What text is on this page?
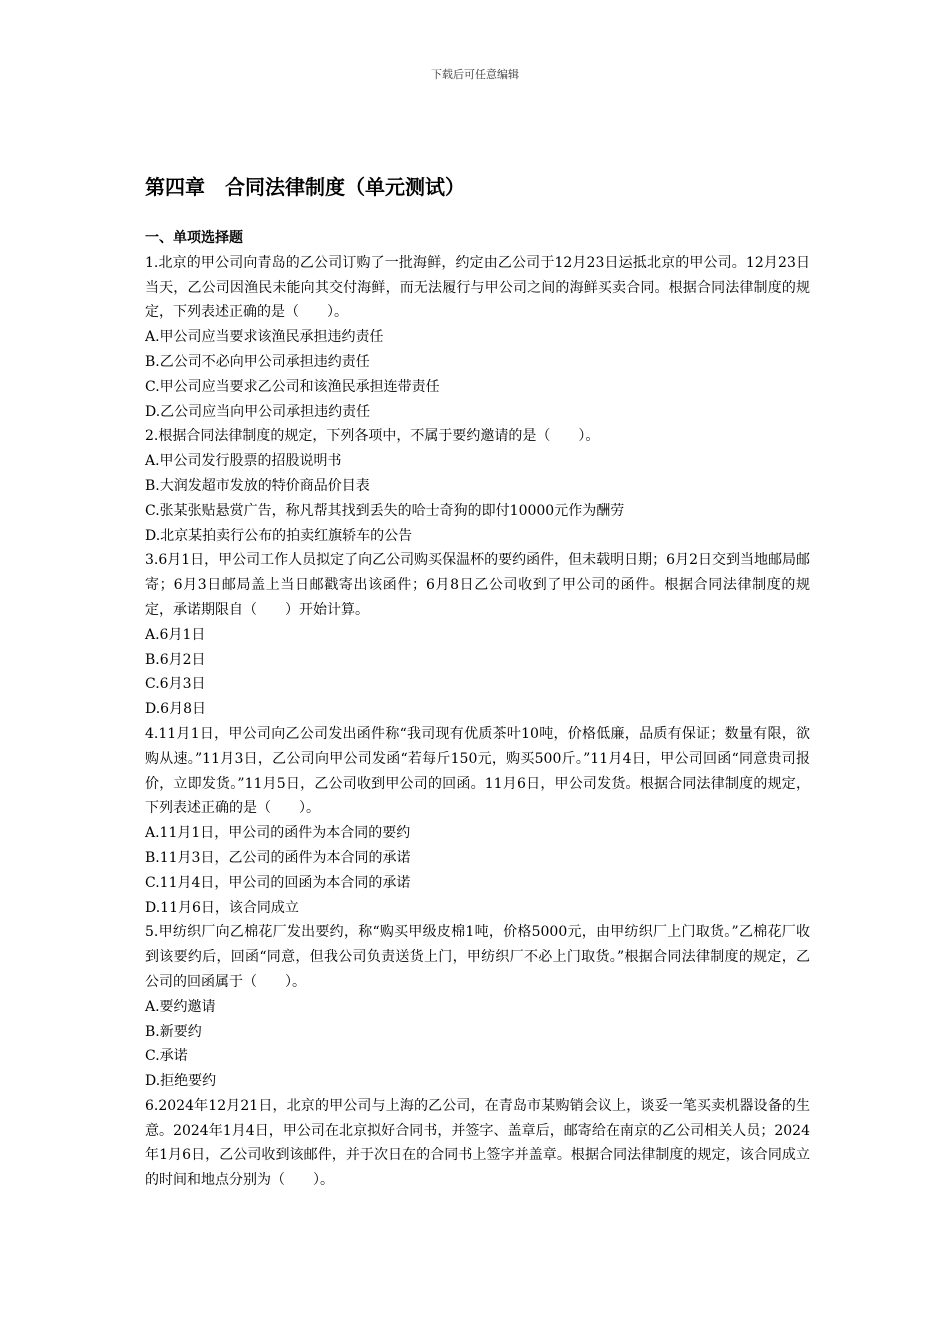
下载后可任意编辑
第四章　合同法律制度（单元测试）

一、单项选择题

1.北京的甲公司向青岛的乙公司订购了一批海鲜，约定由乙公司于12月23日运抵北京的甲公司。12月23日当天，乙公司因渔民未能向其交付海鲜，而无法履行与甲公司之间的海鲜买卖合同。根据合同法律制度的规定，下列表述正确的是（　　）。

A.甲公司应当要求该渔民承担违约责任

B.乙公司不必向甲公司承担违约责任

C.甲公司应当要求乙公司和该渔民承担连带责任

D.乙公司应当向甲公司承担违约责任

2.根据合同法律制度的规定，下列各项中，不属于要约邀请的是（　　）。

A.甲公司发行股票的招股说明书

B.大润发超市发放的特价商品价目表

C.张某张贴悬赏广告，称凡帮其找到丢失的哈士奇狗的即付10000元作为酬劳

D.北京某拍卖行公布的拍卖红旗轿车的公告

3.6月1日，甲公司工作人员拟定了向乙公司购买保温杯的要约函件，但未载明日期；6月2日交到当地邮局邮寄；6月3日邮局盖上当日邮戳寄出该函件；6月8日乙公司收到了甲公司的函件。根据合同法律制度的规定，承诺期限自（　　）开始计算。

A.6月1日

B.6月2日

C.6月3日

D.6月8日

4.11月1日，甲公司向乙公司发出函件称“我司现有优质茶叶10吨，价格低廉，品质有保证；数量有限，欲购从速。”11月3日，乙公司向甲公司发函“若每斤150元，购买500斤。”11月4日，甲公司回函“同意贵司报价，立即发货。”11月5日，乙公司收到甲公司的回函。11月6日，甲公司发货。根据合同法律制度的规定，下列表述正确的是（　　）。

A.11月1日，甲公司的函件为本合同的要约

B.11月3日，乙公司的函件为本合同的承诺

C.11月4日，甲公司的回函为本合同的承诺

D.11月6日，该合同成立

5.甲纺织厂向乙棉花厂发出要约，称“购买甲级皮棉1吨，价格5000元，由甲纺织厂上门取货。”乙棉花厂收到该要约后，回函“同意，但我公司负责送货上门，甲纺织厂不必上门取货。”根据合同法律制度的规定，乙公司的回函属于（　　）。

A.要约邀请

B.新要约

C.承诺

D.拒绝要约

6.2024年12月21日，北京的甲公司与上海的乙公司，在青岛市某购销会议上，谈妥一笔买卖机器设备的生意。2024年1月4日，甲公司在北京拟好合同书，并签字、盖章后，邮寄给在南京的乙公司相关人员；2024年1月6日，乙公司收到该邮件，并于次日在的合同书上签字并盖章。根据合同法律制度的规定，该合同成立的时间和地点分别为（　　）。
